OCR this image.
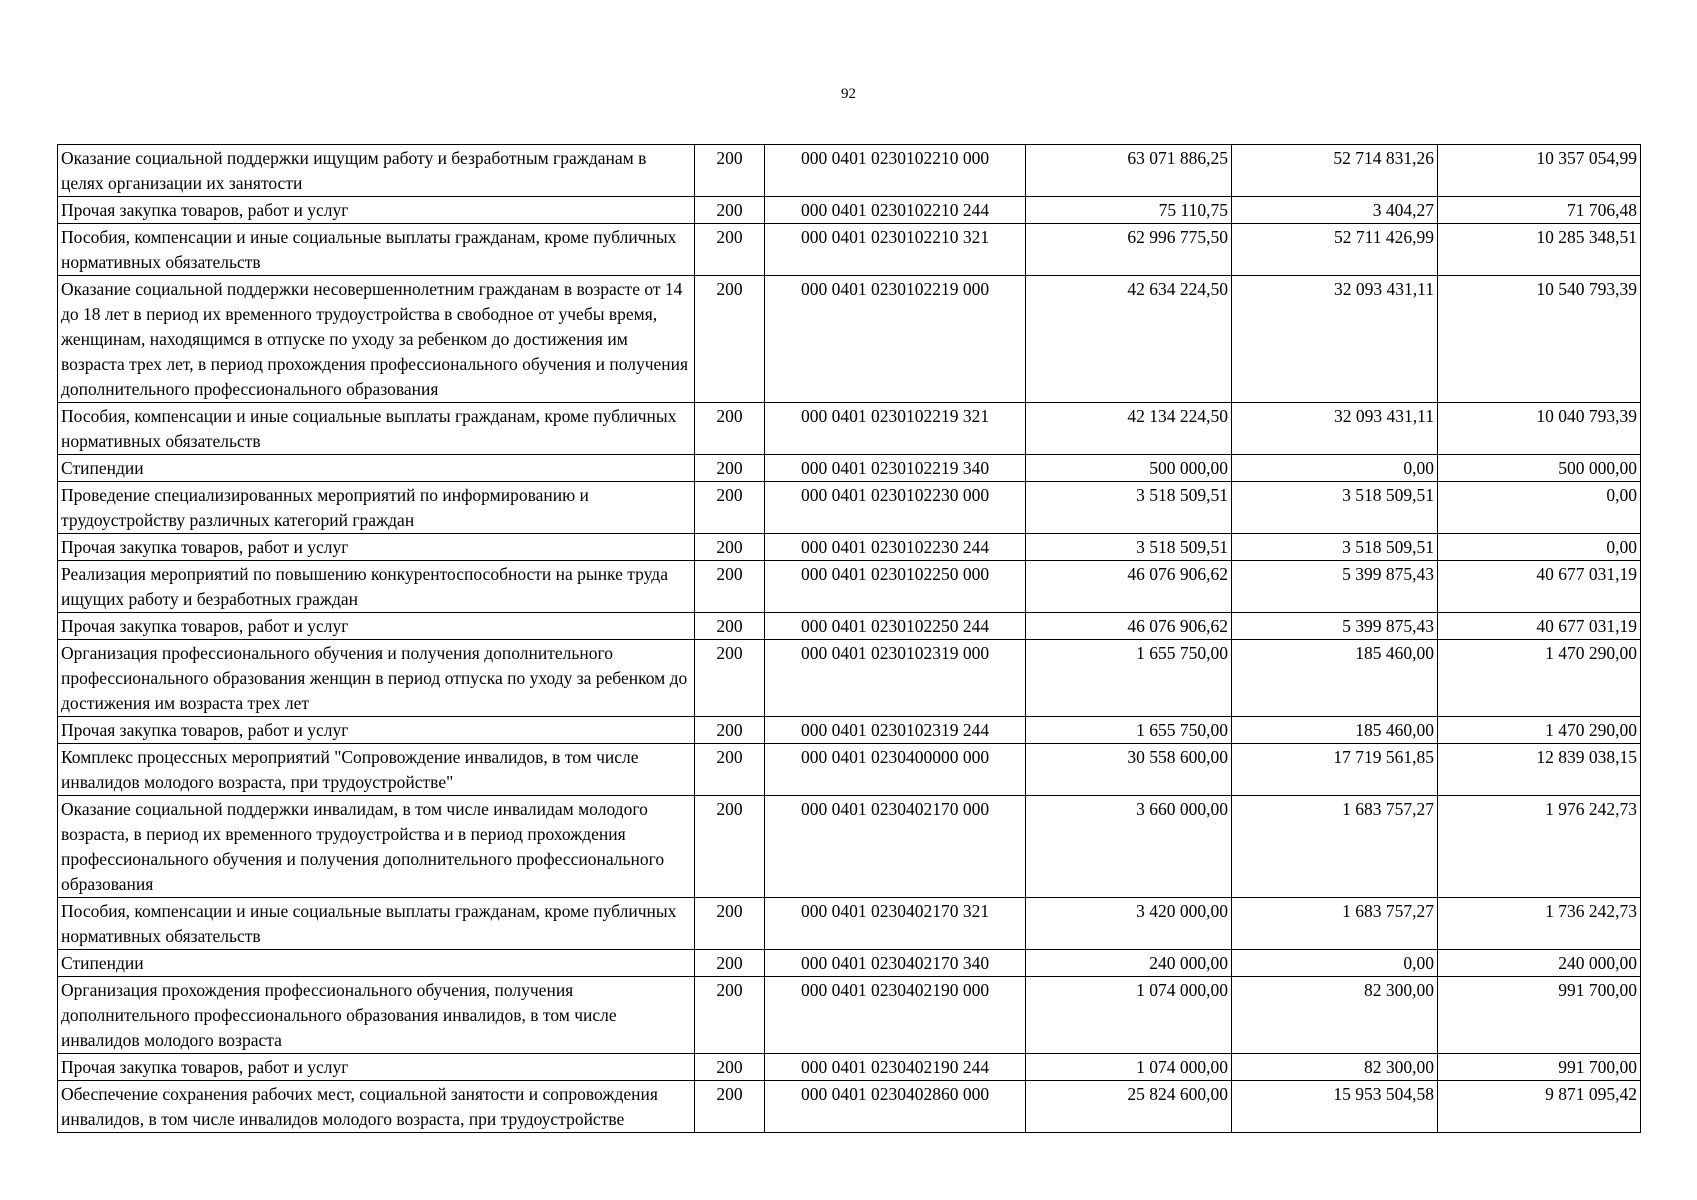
92
Оказание социальной поддержки ищущим работу и безработным гражданам в целях организации их занятости	200	000 0401 0230102210 000	63 071 886,25	52 714 831,26	10 357 054,99
Прочая закупка товаров, работ и услуг	200	000 0401 0230102210 244	75 110,75	3 404,27	71 706,48
Пособия, компенсации и иные социальные выплаты гражданам, кроме публичных нормативных обязательств	200	000 0401 0230102210 321	62 996 775,50	52 711 426,99	10 285 348,51
Оказание социальной поддержки несовершеннолетним гражданам в возрасте от 14 до 18 лет в период их временного трудоустройства в свободное от учебы время, женщинам, находящимся в отпуске по уходу за ребенком до достижения им возраста трех лет, в период прохождения профессионального обучения и получения дополнительного профессионального образования	200	000 0401 0230102219 000	42 634 224,50	32 093 431,11	10 540 793,39
Пособия, компенсации и иные социальные выплаты гражданам, кроме публичных нормативных обязательств	200	000 0401 0230102219 321	42 134 224,50	32 093 431,11	10 040 793,39
Стипендии	200	000 0401 0230102219 340	500 000,00	0,00	500 000,00
Проведение специализированных мероприятий по информированию и трудоустройству различных категорий граждан	200	000 0401 0230102230 000	3 518 509,51	3 518 509,51	0,00
Прочая закупка товаров, работ и услуг	200	000 0401 0230102230 244	3 518 509,51	3 518 509,51	0,00
Реализация мероприятий по повышению конкурентоспособности на рынке труда ищущих работу и безработных граждан	200	000 0401 0230102250 000	46 076 906,62	5 399 875,43	40 677 031,19
Прочая закупка товаров, работ и услуг	200	000 0401 0230102250 244	46 076 906,62	5 399 875,43	40 677 031,19
Организация профессионального обучения и получения дополнительного профессионального образования женщин в период отпуска по уходу за ребенком до достижения им возраста трех лет	200	000 0401 0230102319 000	1 655 750,00	185 460,00	1 470 290,00
Прочая закупка товаров, работ и услуг	200	000 0401 0230102319 244	1 655 750,00	185 460,00	1 470 290,00
Комплекс процессных мероприятий "Сопровождение инвалидов, в том числе инвалидов молодого возраста, при трудоустройстве"	200	000 0401 0230400000 000	30 558 600,00	17 719 561,85	12 839 038,15
Оказание социальной поддержки инвалидам, в том числе инвалидам молодого возраста, в период их временного трудоустройства и в период прохождения профессионального обучения и получения дополнительного профессионального образования	200	000 0401 0230402170 000	3 660 000,00	1 683 757,27	1 976 242,73
Пособия, компенсации и иные социальные выплаты гражданам, кроме публичных нормативных обязательств	200	000 0401 0230402170 321	3 420 000,00	1 683 757,27	1 736 242,73
Стипендии	200	000 0401 0230402170 340	240 000,00	0,00	240 000,00
Организация прохождения профессионального обучения, получения дополнительного профессионального образования инвалидов, в том числе инвалидов молодого возраста	200	000 0401 0230402190 000	1 074 000,00	82 300,00	991 700,00
Прочая закупка товаров, работ и услуг	200	000 0401 0230402190 244	1 074 000,00	82 300,00	991 700,00
Обеспечение сохранения рабочих мест, социальной занятости и сопровождения инвалидов, в том числе инвалидов молодого возраста, при трудоустройстве	200	000 0401 0230402860 000	25 824 600,00	15 953 504,58	9 871 095,42
